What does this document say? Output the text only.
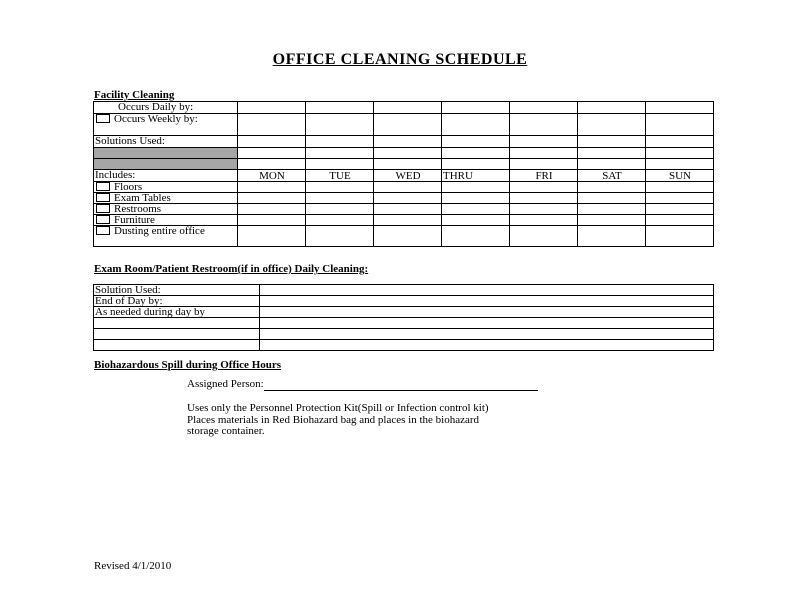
OFFICE CLEANING SCHEDULE
Facility Cleaning
Occurs Daily by:							
Occurs Weekly by:							
Solutions Used:							

Includes:	MON	TUE	WED	THRU	FRI	SAT	SUN
Floors							
Exam Tables							
Restrooms							
Furniture							
Dusting entire office							
Exam Room/Patient Restroom(if in office) Daily Cleaning:
Solution Used:	
End of Day by:	
As needed during day by	

Biohazardous Spill during Office Hours
Assigned Person:
Uses only the Personnel Protection Kit(Spill or Infection control kit)
Places materials in Red Biohazard bag and places in the biohazard
storage container.
Revised 4/1/2010
